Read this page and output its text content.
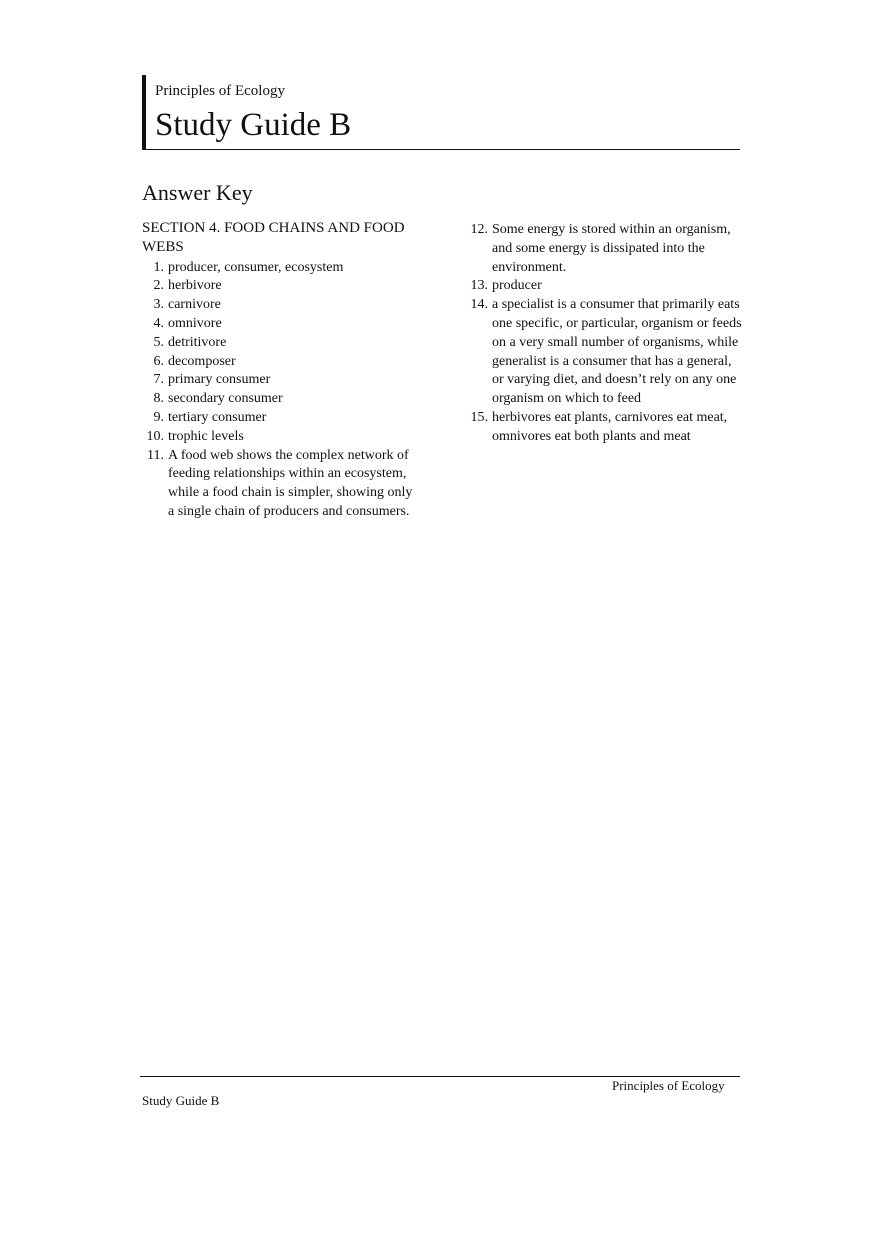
Principles of Ecology
Study Guide B
Answer Key
SECTION 4. FOOD CHAINS AND FOOD WEBS
1. producer, consumer, ecosystem
2. herbivore
3. carnivore
4. omnivore
5. detritivore
6. decomposer
7. primary consumer
8. secondary consumer
9. tertiary consumer
10. trophic levels
11. A food web shows the complex network of feeding relationships within an ecosystem, while a food chain is simpler, showing only a single chain of producers and consumers.
12. Some energy is stored within an organism, and some energy is dissipated into the environment.
13. producer
14. a specialist is a consumer that primarily eats one specific, or particular, organism or feeds on a very small number of organisms, while generalist is a consumer that has a general, or varying diet, and doesn’t rely on any one organism on which to feed
15. herbivores eat plants, carnivores eat meat, omnivores eat both plants and meat
Principles of Ecology
Study Guide B
